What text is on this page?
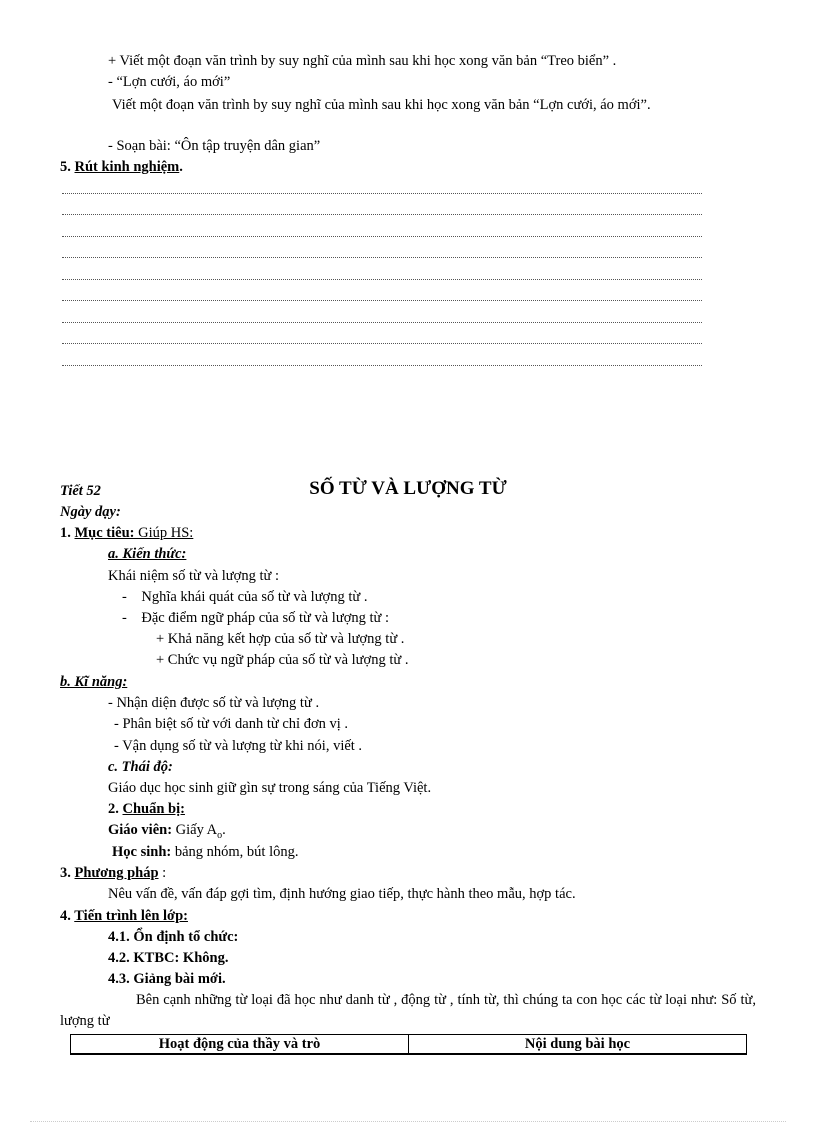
+ Viết một đoạn văn trình by suy nghĩ của mình sau khi học xong văn bản “Treo biển” .
- “Lợn cưới, áo mới”
Viết một đoạn văn trình by suy nghĩ của mình sau khi học xong văn bản “Lợn cưới, áo mới”.
- Soạn bài: “Ôn tập truyện dân gian”
5. Rút kinh nghiệm.
Tiết 52	SỐ TỪ VÀ LƯỢNG TỪ
Ngày dạy:
1. Mục tiêu: Giúp HS:
a. Kiến thức:
Khái niệm số từ và lượng từ :
-    Nghĩa khái quát của số từ và lượng từ .
-    Đặc điểm ngữ pháp của số từ và lượng từ :
+ Khả năng kết hợp của số từ và lượng từ .
+ Chức vụ ngữ pháp của số từ và lượng từ .
b. Kĩ năng:
- Nhận diện được số từ và lượng từ .
- Phân biệt số từ với danh từ chỉ đơn vị .
- Vận dụng số từ và lượng từ khi nói, viết .
c. Thái độ:
Giáo dục học sinh giữ gìn sự trong sáng của Tiếng Việt.
2. Chuẩn bị:
Giáo viên: Giấy $A_o$.
Học sinh: bảng nhóm, bút lông.
3. Phương pháp :
Nêu vấn đề, vấn đáp gợi tìm, định hướng giao tiếp, thực hành theo mẫu, hợp tác.
4. Tiến trình lên lớp:
4.1. Ổn định tổ chức:
4.2. KTBC: Không.
4.3. Giảng bài mới.
Bên cạnh những từ loại đã học như danh từ , động từ , tính từ, thì chúng ta con học các từ loại như: Số từ, lượng từ
Hoạt động của thầy và trò	Nội dung bài học
